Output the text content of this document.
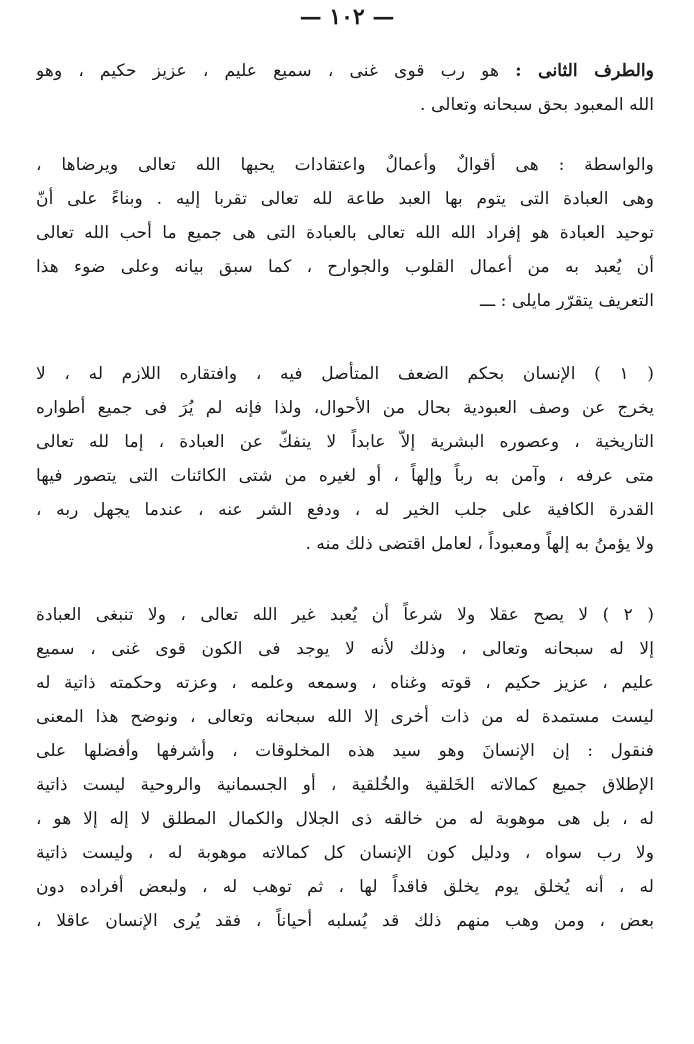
— ١٠٢ —
والطرف الثانى : هو رب قوى غنى ، سميع عليم ، عزيز حكيم ، وهو
الله المعبود بحق سبحانه وتعالى .
والواسطة : هى أقوالٌ وأعمالٌ واعتقادات يحبها الله تعالى ويرضاها ،
وهى العبادة التى يتوم بها العبد طاعة لله تعالى تقربا إليه . وبناءً على أنّ
توحيد العبادة هو إفراد الله الله تعالى بالعبادة التى هى جميع ما أحب الله تعالى
أن يُعبد به من أعمال القلوب والجوارح ، كما سبق بيانه وعلى ضوء هذا
التعريف يتقرّر مايلى : ـــ
( ١ ) الإنسان بحكم الضعف المتأصل فيه ، وافتقاره اللازم له ، لا
يخرج عن وصف العبودية بحال من الأحوال، ولذا فإنه لم يُرَ فى جميع أطواره
التاريخية ، وعصوره البشرية إلاّ عابداً لا ينفكّ عن العبادة ، إما لله تعالى
متى عرفه ، وآمن به رباً وإلهاً ، أو لغيره من شتى الكائنات التى يتصور فيها
القدرة الكافية على جلب الخير له ، ودفع الشر عنه ، عندما يجهل ربه ،
ولا يؤمنُ به إلهاً ومعبوداً ، لعامل اقتضى ذلك منه .
( ٢ ) لا يصح عقلا ولا شرعاً أن يُعبد غير الله تعالى ، ولا تنبغى العبادة
إلا له سبحانه وتعالى ، وذلك لأنه لا يوجد فى الكون قوى غنى ، سميع
عليم ، عزيز حكيم ، قوته وغناه ، وسمعه وعلمه ، وعزته وحكمته ذاتية له
ليست مستمدة له من ذات أخرى إلا الله سبحانه وتعالى ، ونوضح هذا المعنى
فنقول : إن الإنسانَ وهو سيد هذه المخلوقات ، وأشرفها وأفضلها على
الإطلاق جميع كمالاته الخَلقية والخُلقية ، أو الجسمانية والروحية ليست ذاتية
له ، بل هى موهوبة له من خالقه ذى الجلال والكمال المطلق لا إله إلا هو ،
ولا رب سواه ، ودليل كون الإنسان كل كمالاته موهوبة له ، وليست ذاتية
له ، أنه يُخلق يوم يخلق فاقداً لها ، ثم توهب له ، ولبعض أفراده دون
بعض ، ومن وهب منهم ذلك قد يُسلبه أحياناً ، فقد يُرى الإنسان عاقلا ،
